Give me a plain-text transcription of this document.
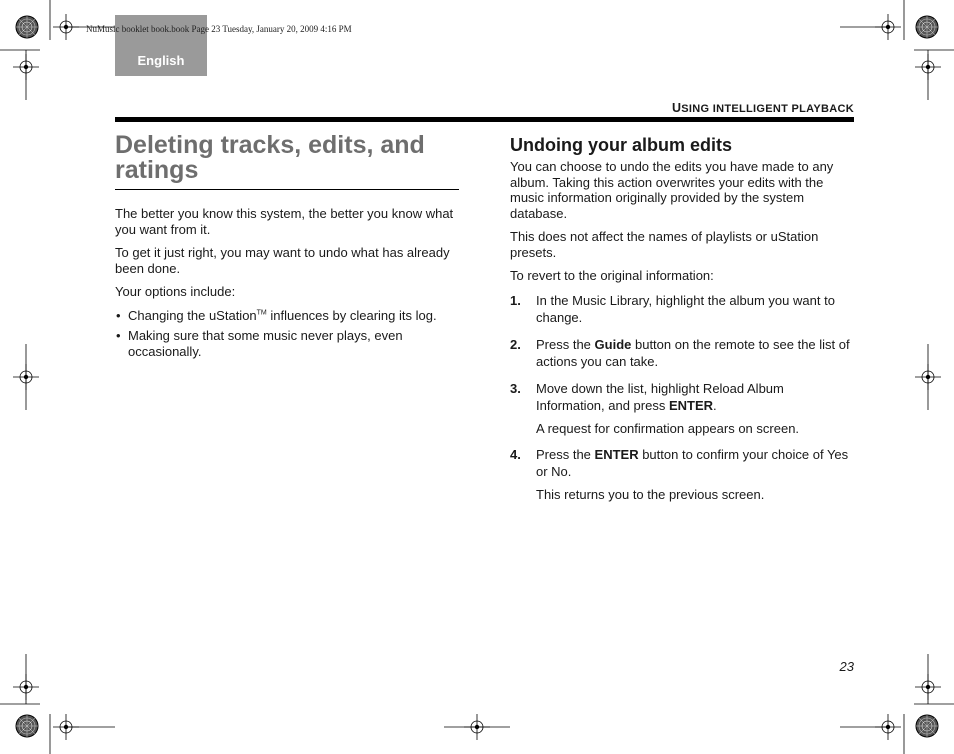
English
NuMusic booklet book.book Page 23 Tuesday, January 20, 2009 4:16 PM
USING INTELLIGENT PLAYBACK
Deleting tracks, edits, and ratings

The better you know this system, the better you know what you want from it.

To get it just right, you may want to undo what has already been done.

Your options include:

• Changing the uStation™ influences by clearing its log.
• Making sure that some music never plays, even occasionally.
Undoing your album edits

You can choose to undo the edits you have made to any album. Taking this action overwrites your edits with the music information originally provided by the system database.

This does not affect the names of playlists or uStation presets.

To revert to the original information:

1. In the Music Library, highlight the album you want to change.
2. Press the Guide button on the remote to see the list of actions you can take.
3. Move down the list, highlight Reload Album Information, and press ENTER.
A request for confirmation appears on screen.
4. Press the ENTER button to confirm your choice of Yes or No.
This returns you to the previous screen.
23
